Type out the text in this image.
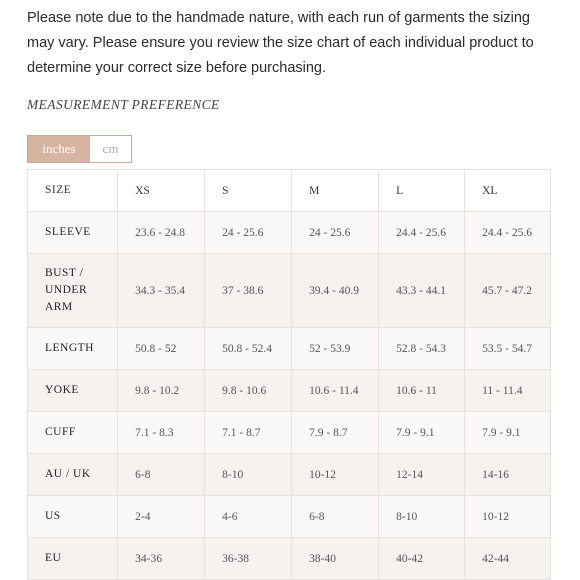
Please note due to the handmade nature, with each run of garments the sizing may vary. Please ensure you review the size chart of each individual product to determine your correct size before purchasing.

MEASUREMENT PREFERENCE
inches	cm
SIZE	XS	S	M	L	XL
SLEEVE	23.6 - 24.8	24 - 25.6	24 - 25.6	24.4 - 25.6	24.4 - 25.6
BUST / UNDER ARM	34.3 - 35.4	37 - 38.6	39.4 - 40.9	43.3 - 44.1	45.7 - 47.2
LENGTH	50.8 - 52	50.8 - 52.4	52 - 53.9	52.8 - 54.3	53.5 - 54.7
YOKE	9.8 - 10.2	9.8 - 10.6	10.6 - 11.4	10.6 - 11	11 - 11.4
CUFF	7.1 - 8.3	7.1 - 8.7	7.9 - 8.7	7.9 - 9.1	7.9 - 9.1
AU / UK	6-8	8-10	10-12	12-14	14-16
US	2-4	4-6	6-8	8-10	10-12
EU	34-36	36-38	38-40	40-42	42-44
